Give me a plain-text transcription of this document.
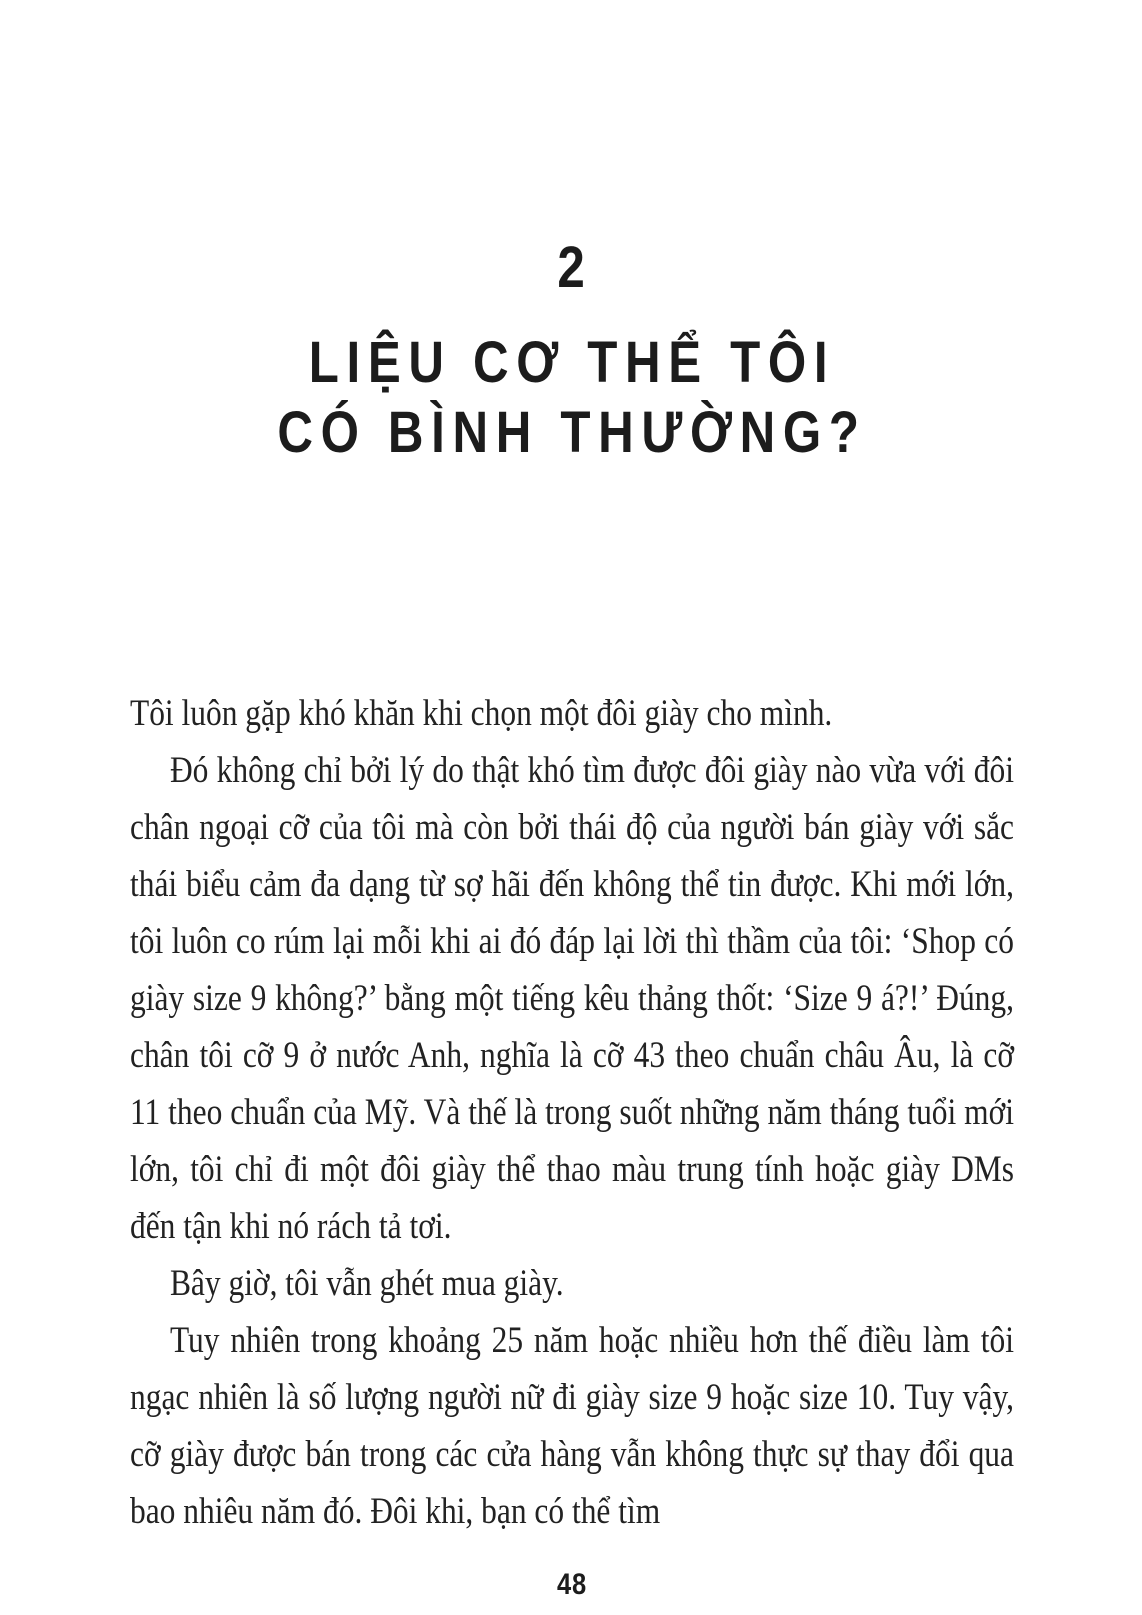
2
LIỆU CƠ THỂ TÔI
CÓ BÌNH THƯỜNG?

Tôi luôn gặp khó khăn khi chọn một đôi giày cho mình.

Đó không chỉ bởi lý do thật khó tìm được đôi giày nào vừa với đôi chân ngoại cỡ của tôi mà còn bởi thái độ của người bán giày với sắc thái biểu cảm đa dạng từ sợ hãi đến không thể tin được. Khi mới lớn, tôi luôn co rúm lại mỗi khi ai đó đáp lại lời thì thầm của tôi: ‘Shop có giày size 9 không?’ bằng một tiếng kêu thảng thốt: ‘Size 9 á?!’ Đúng, chân tôi cỡ 9 ở nước Anh, nghĩa là cỡ 43 theo chuẩn châu Âu, là cỡ 11 theo chuẩn của Mỹ. Và thế là trong suốt những năm tháng tuổi mới lớn, tôi chỉ đi một đôi giày thể thao màu trung tính hoặc giày DMs đến tận khi nó rách tả tơi.

Bây giờ, tôi vẫn ghét mua giày.

Tuy nhiên trong khoảng 25 năm hoặc nhiều hơn thế điều làm tôi ngạc nhiên là số lượng người nữ đi giày size 9 hoặc size 10. Tuy vậy, cỡ giày được bán trong các cửa hàng vẫn không thực sự thay đổi qua bao nhiêu năm đó. Đôi khi, bạn có thể tìm

48
